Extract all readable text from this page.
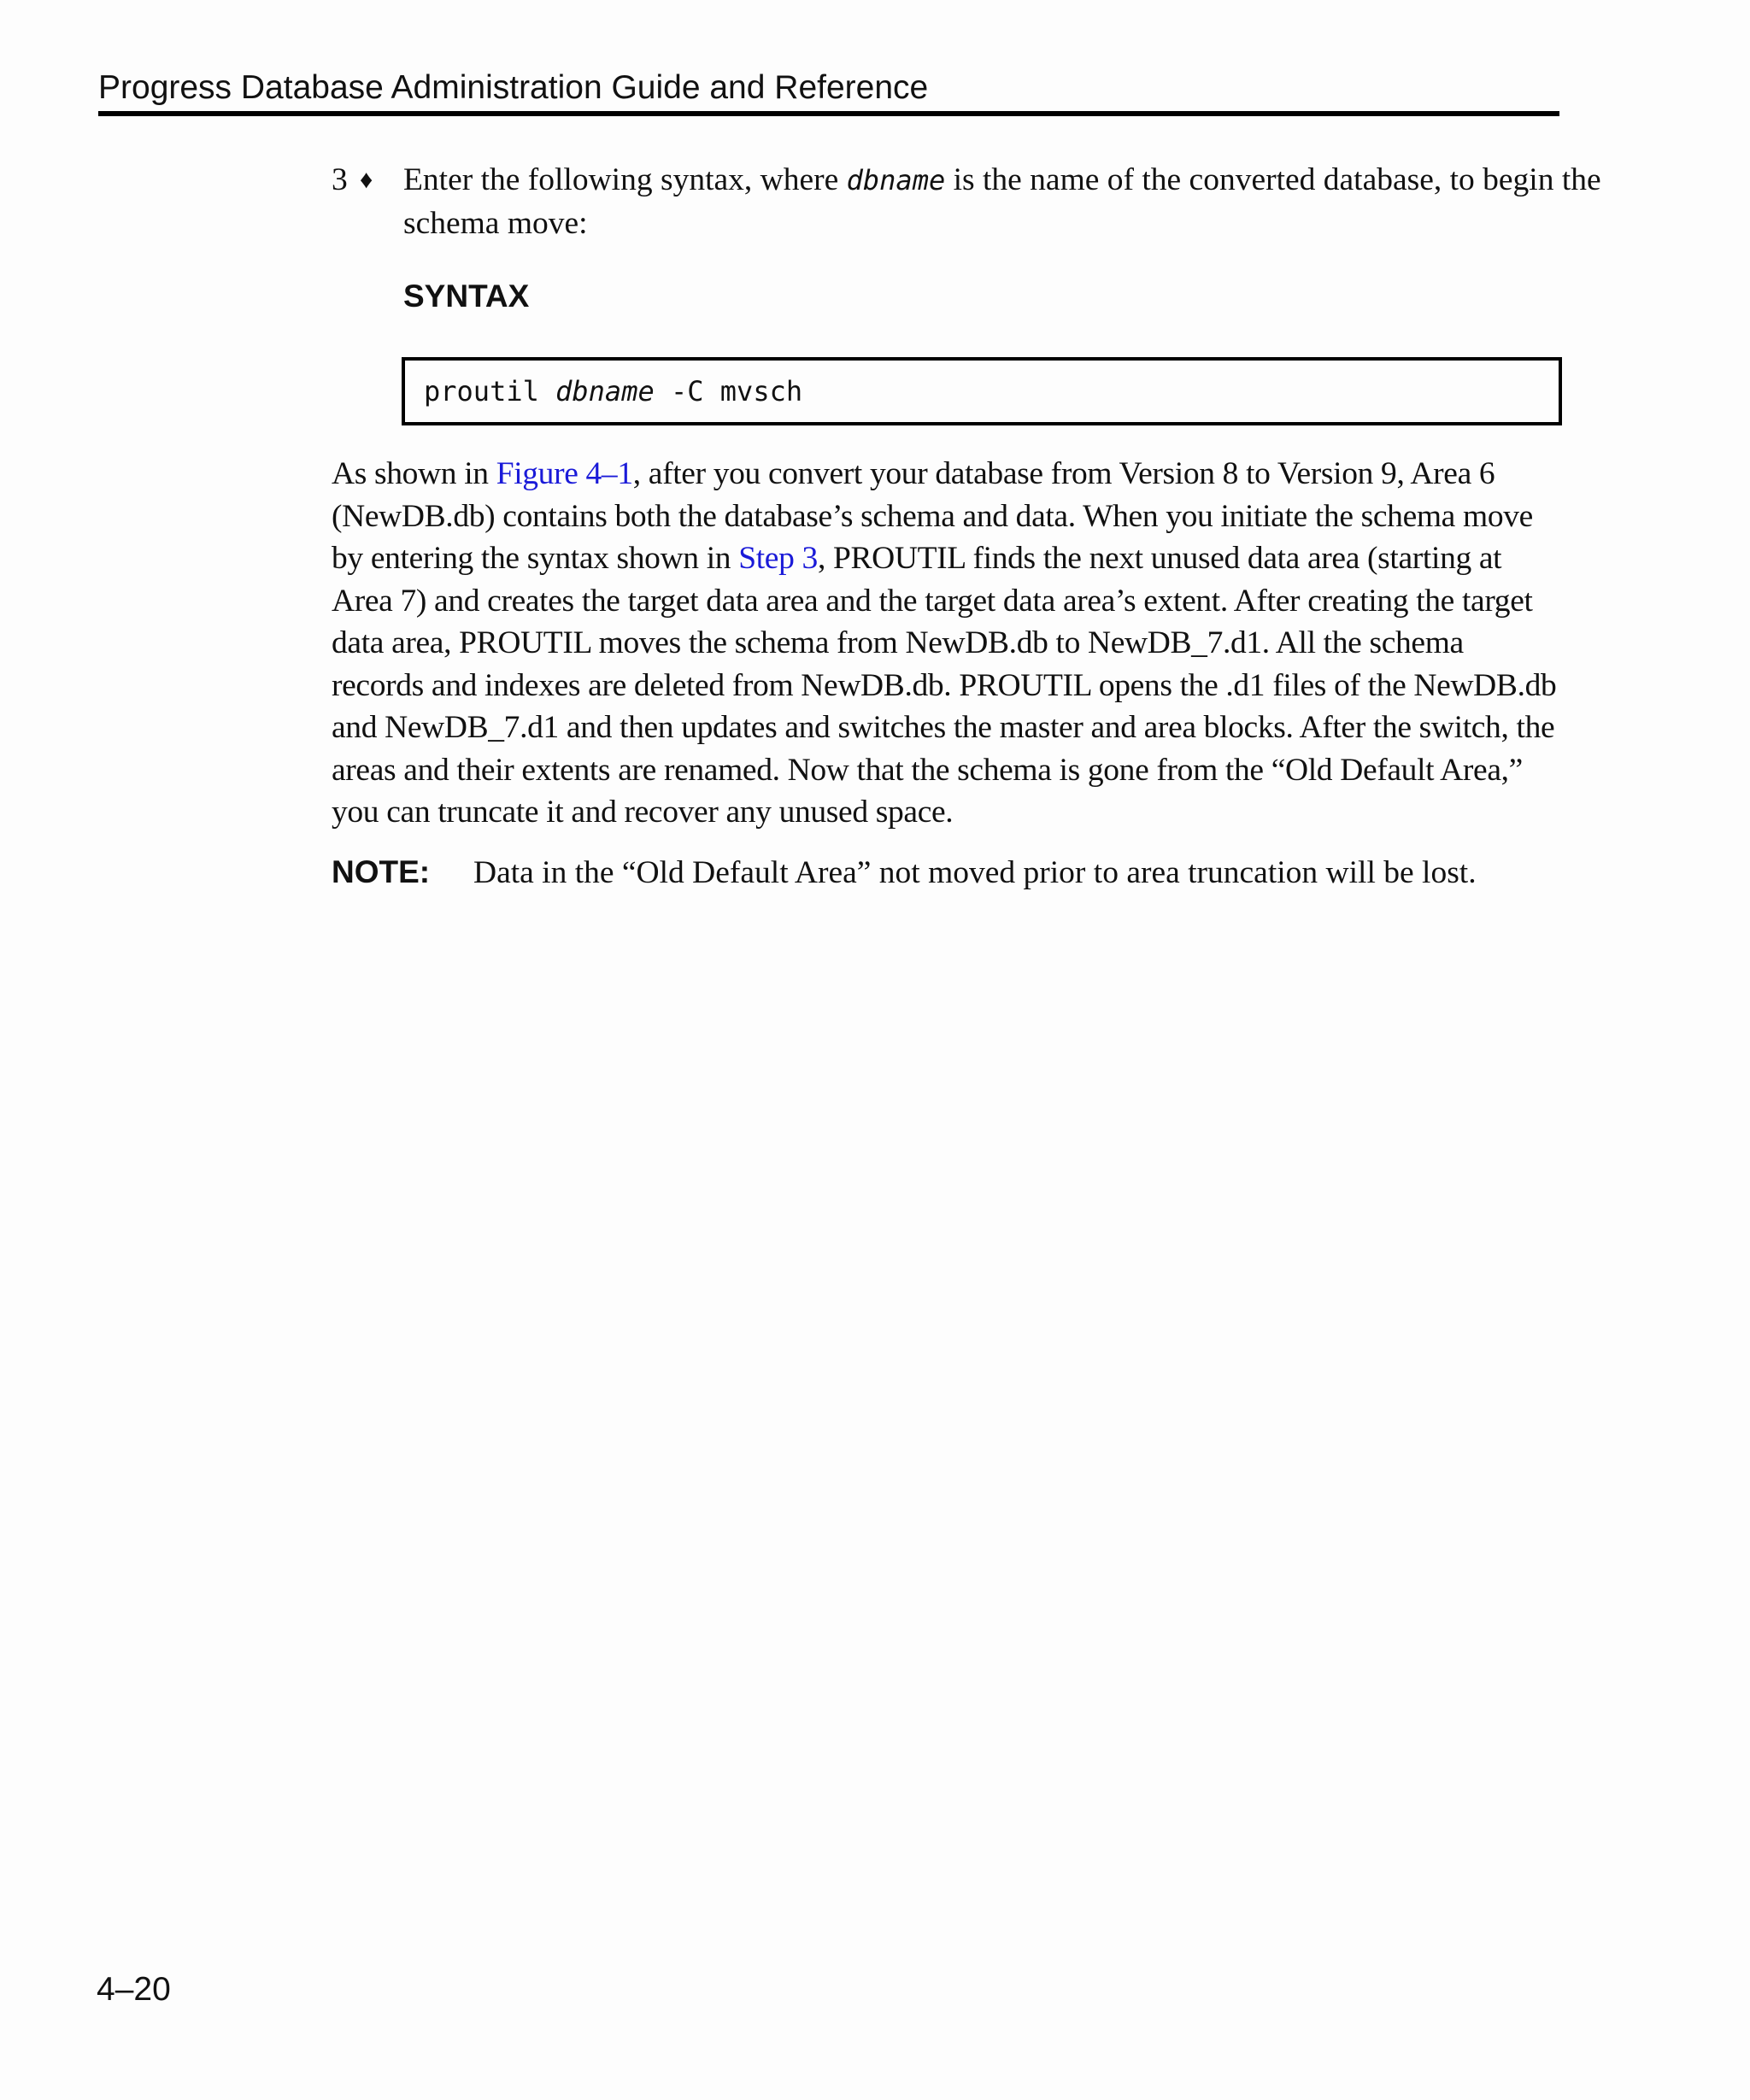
Progress Database Administration Guide and Reference
3 ♦ Enter the following syntax, where dbname is the name of the converted database, to begin the schema move:
SYNTAX
proutil dbname -C mvsch
As shown in Figure 4–1, after you convert your database from Version 8 to Version 9, Area 6 (NewDB.db) contains both the database’s schema and data. When you initiate the schema move by entering the syntax shown in Step 3, PROUTIL finds the next unused data area (starting at Area 7) and creates the target data area and the target data area’s extent. After creating the target data area, PROUTIL moves the schema from NewDB.db to NewDB_7.d1. All the schema records and indexes are deleted from NewDB.db. PROUTIL opens the .d1 files of the NewDB.db and NewDB_7.d1 and then updates and switches the master and area blocks. After the switch, the areas and their extents are renamed. Now that the schema is gone from the “Old Default Area,” you can truncate it and recover any unused space.
NOTE: Data in the “Old Default Area” not moved prior to area truncation will be lost.
4–20
